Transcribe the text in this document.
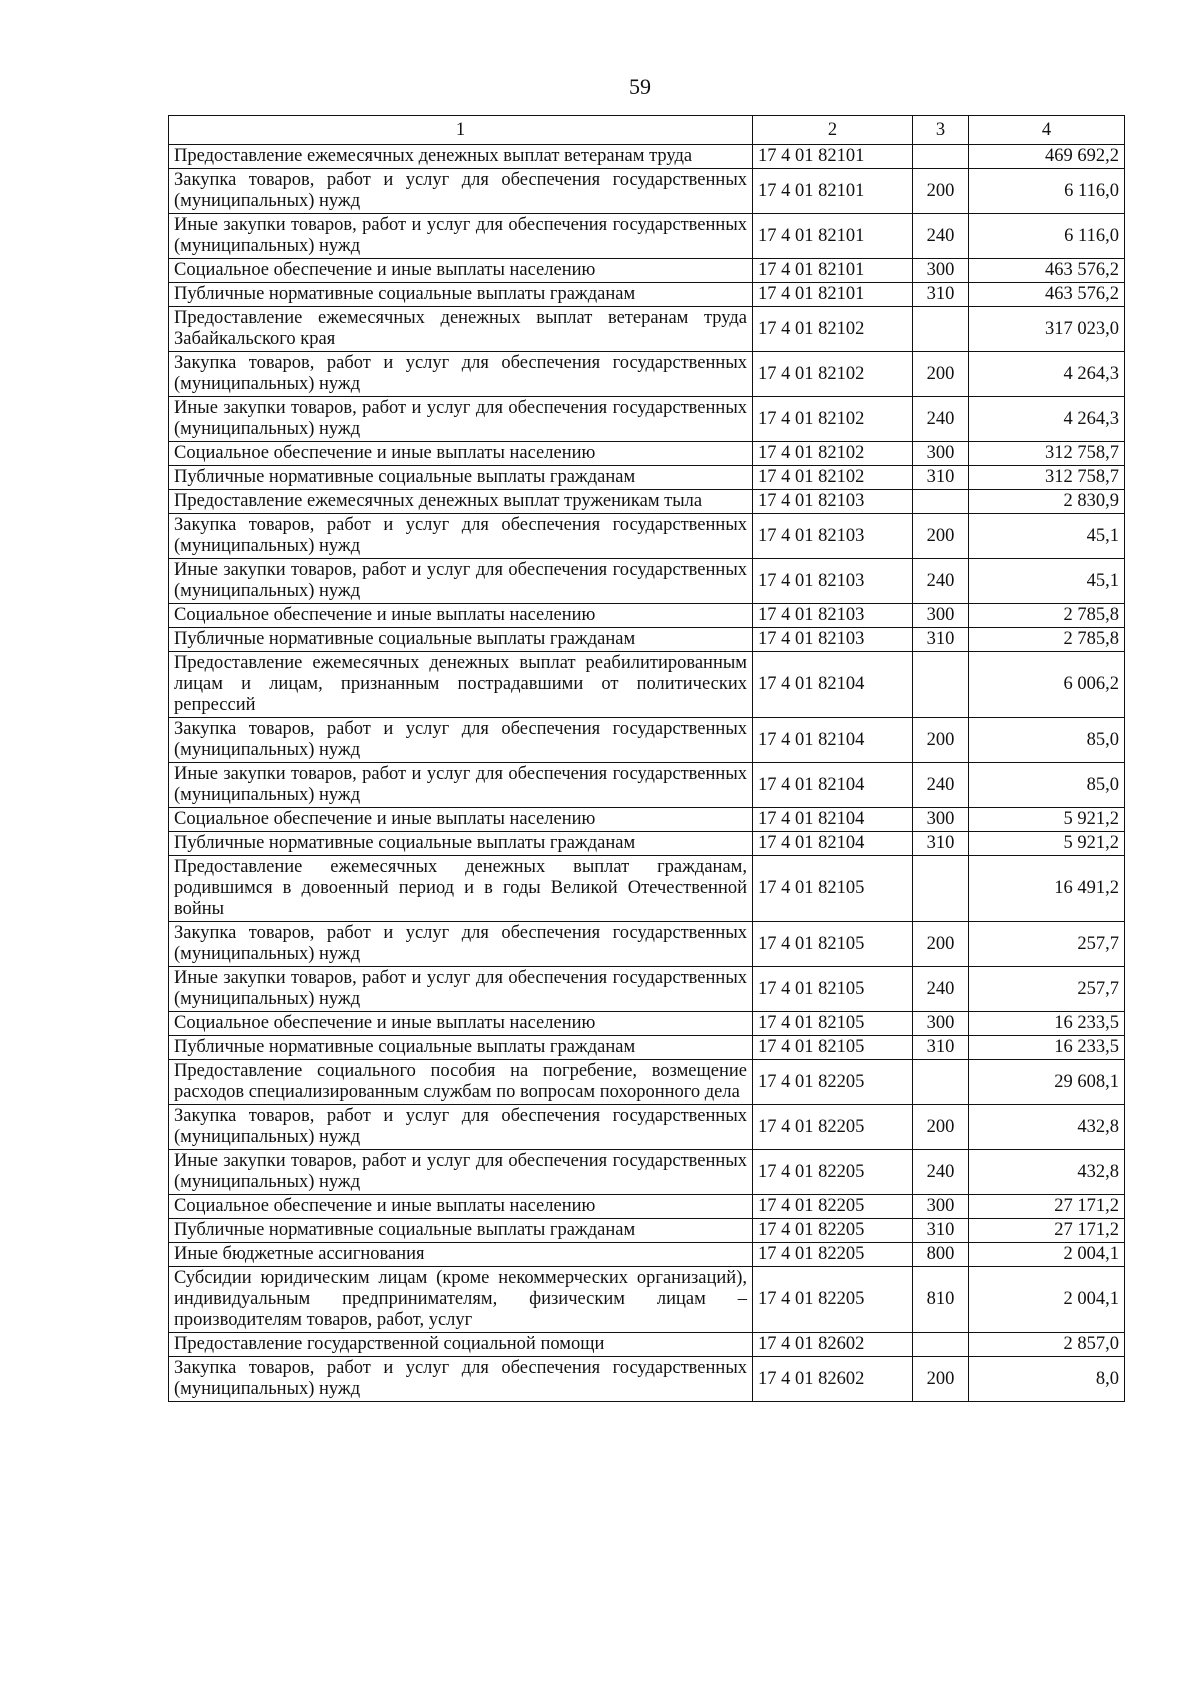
59
1	2	3	4
Предоставление ежемесячных денежных выплат ветеранам труда	17 4 01 82101		469 692,2
Закупка товаров, работ и услуг для обеспечения государственных (муниципальных) нужд	17 4 01 82101	200	6 116,0
Иные закупки товаров, работ и услуг для обеспечения государственных (муниципальных) нужд	17 4 01 82101	240	6 116,0
Социальное обеспечение и иные выплаты населению	17 4 01 82101	300	463 576,2
Публичные нормативные социальные выплаты гражданам	17 4 01 82101	310	463 576,2
Предоставление ежемесячных денежных выплат ветеранам труда Забайкальского края	17 4 01 82102		317 023,0
Закупка товаров, работ и услуг для обеспечения государственных (муниципальных) нужд	17 4 01 82102	200	4 264,3
Иные закупки товаров, работ и услуг для обеспечения государственных (муниципальных) нужд	17 4 01 82102	240	4 264,3
Социальное обеспечение и иные выплаты населению	17 4 01 82102	300	312 758,7
Публичные нормативные социальные выплаты гражданам	17 4 01 82102	310	312 758,7
Предоставление ежемесячных денежных выплат труженикам тыла	17 4 01 82103		2 830,9
Закупка товаров, работ и услуг для обеспечения государственных (муниципальных) нужд	17 4 01 82103	200	45,1
Иные закупки товаров, работ и услуг для обеспечения государственных (муниципальных) нужд	17 4 01 82103	240	45,1
Социальное обеспечение и иные выплаты населению	17 4 01 82103	300	2 785,8
Публичные нормативные социальные выплаты гражданам	17 4 01 82103	310	2 785,8
Предоставление ежемесячных денежных выплат реабилитированным лицам и лицам, признанным пострадавшими от политических репрессий	17 4 01 82104		6 006,2
Закупка товаров, работ и услуг для обеспечения государственных (муниципальных) нужд	17 4 01 82104	200	85,0
Иные закупки товаров, работ и услуг для обеспечения государственных (муниципальных) нужд	17 4 01 82104	240	85,0
Социальное обеспечение и иные выплаты населению	17 4 01 82104	300	5 921,2
Публичные нормативные социальные выплаты гражданам	17 4 01 82104	310	5 921,2
Предоставление ежемесячных денежных выплат гражданам, родившимся в довоенный период и в годы Великой Отечественной войны	17 4 01 82105		16 491,2
Закупка товаров, работ и услуг для обеспечения государственных (муниципальных) нужд	17 4 01 82105	200	257,7
Иные закупки товаров, работ и услуг для обеспечения государственных (муниципальных) нужд	17 4 01 82105	240	257,7
Социальное обеспечение и иные выплаты населению	17 4 01 82105	300	16 233,5
Публичные нормативные социальные выплаты гражданам	17 4 01 82105	310	16 233,5
Предоставление социального пособия на погребение, возмещение расходов специализированным службам по вопросам похоронного дела	17 4 01 82205		29 608,1
Закупка товаров, работ и услуг для обеспечения государственных (муниципальных) нужд	17 4 01 82205	200	432,8
Иные закупки товаров, работ и услуг для обеспечения государственных (муниципальных) нужд	17 4 01 82205	240	432,8
Социальное обеспечение и иные выплаты населению	17 4 01 82205	300	27 171,2
Публичные нормативные социальные выплаты гражданам	17 4 01 82205	310	27 171,2
Иные бюджетные ассигнования	17 4 01 82205	800	2 004,1
Субсидии юридическим лицам (кроме некоммерческих организаций), индивидуальным предпринимателям, физическим лицам – производителям товаров, работ, услуг	17 4 01 82205	810	2 004,1
Предоставление государственной социальной помощи	17 4 01 82602		2 857,0
Закупка товаров, работ и услуг для обеспечения государственных (муниципальных) нужд	17 4 01 82602	200	8,0
